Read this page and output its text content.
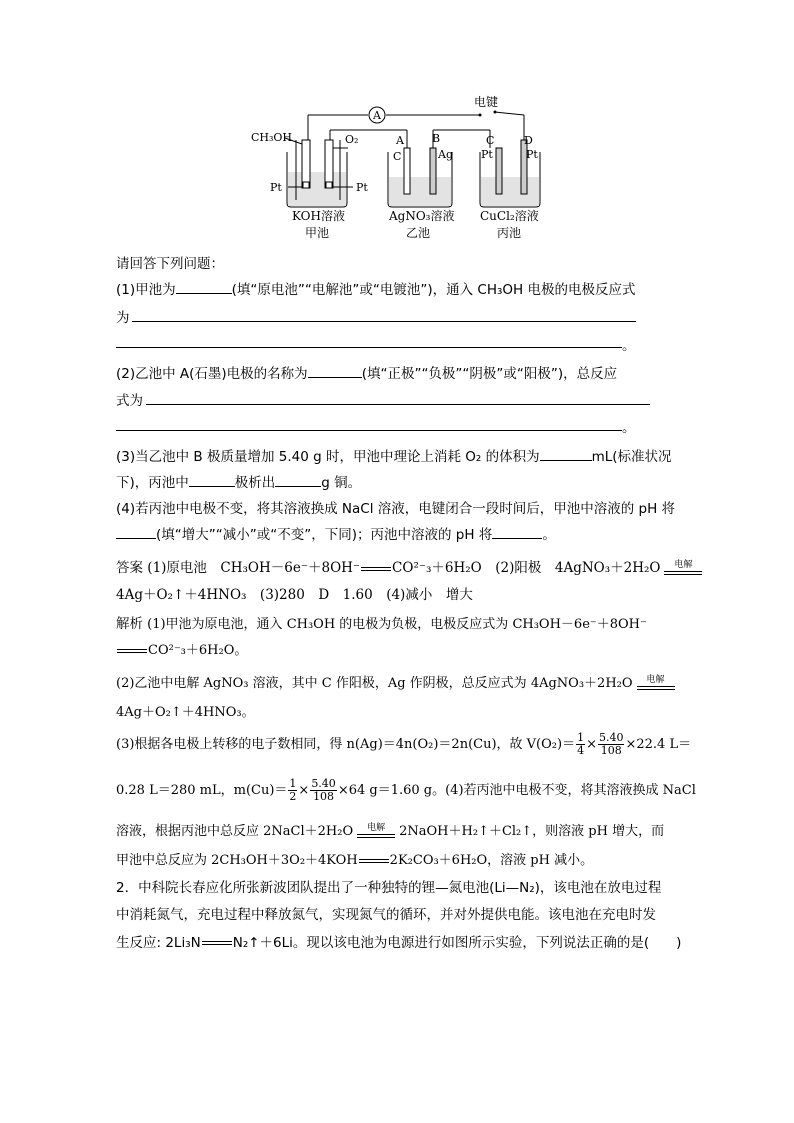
A
电键
CH₃OH	O₂
Pt	Pt
KOH溶液
甲池
A	B
C	Ag
AgNO₃溶液
乙池
C	D
Pt	Pt
CuCl₂溶液
丙池
请回答下列问题：
(1)甲池为	(填“原电池”“电解池”或“电镀池”)，通入 CH₃OH 电极的电极反应式
为
。
(2)乙池中 A(石墨)电极的名称为	(填“正极”“负极”“阴极”或“阳极”)，总反应
式为
。
(3)当乙池中 B 极质量增加 5.40 g 时，甲池中理论上消耗 O₂ 的体积为	mL(标准状况
下)，丙池中	极析出	g 铜。
(4)若丙池中电极不变，将其溶液换成 NaCl 溶液，电键闭合一段时间后，甲池中溶液的 pH 将
(填“增大”“减小”或“不变”，下同)；丙池中溶液的 pH 将	。
答案 (1)原电池　CH₃OH－6e⁻＋8OH⁻ CO²⁻₃＋6H₂O　(2)阳极　4AgNO₃＋2H₂O	电解
4Ag＋O₂↑＋4HNO₃　(3)280　D　1.60　(4)减小　增大
解析 (1)甲池为原电池，通入 CH₃OH 的电极为负极，电极反应式为 CH₃OH－6e⁻＋8OH⁻
CO²⁻₃＋6H₂O。
(2)乙池中电解 AgNO₃ 溶液，其中 C 作阳极，Ag 作阴极，总反应式为 4AgNO₃＋2H₂O	电解
4Ag＋O₂↑＋4HNO₃。
(3)根据各电极上转移的电子数相同，得 n(Ag)＝4n(O₂)＝2n(Cu)，故 $V(O_2)= \frac{1}{4} \times \frac{5.40}{108} \times 22.4$ L＝
0.28 L＝280 mL，$m(Cu)= \frac{1}{2} \times \frac{5.40}{108} \times 64$ g＝1.60 g。(4)若丙池中电极不变，将其溶液换成 NaCl
溶液，根据丙池中总反应 2NaCl＋2H₂O	电解	2NaOH＋H₂↑＋Cl₂↑，则溶液 pH 增大，而
甲池中总反应为 2CH₃OH＋3O₂＋4KOH 2K₂CO₃＋6H₂O，溶液 pH 减小。
2．中科院长春应化所张新波团队提出了一种独特的锂—氮电池(Li—N₂)，该电池在放电过程
中消耗氮气，充电过程中释放氮气，实现氮气的循环，并对外提供电能。该电池在充电时发
生反应: 2Li₃N N₂↑＋6Li。现以该电池为电源进行如图所示实验，下列说法正确的是(　　)
